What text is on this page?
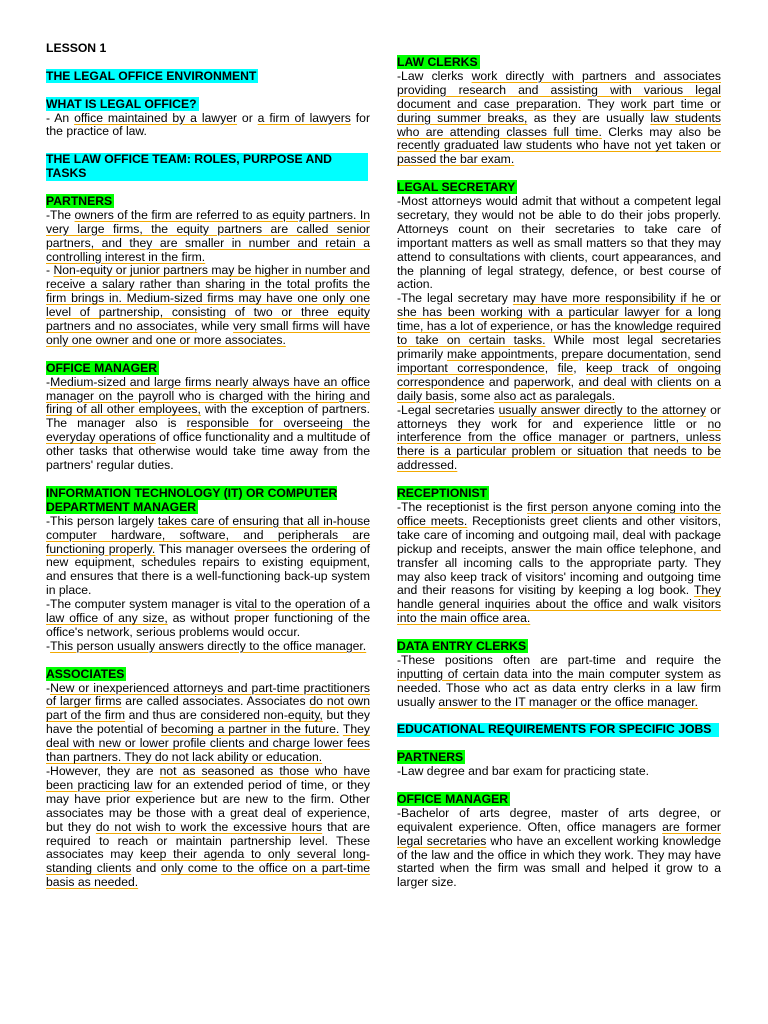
LESSON 1
THE LEGAL OFFICE ENVIRONMENT
WHAT IS LEGAL OFFICE?

- An office maintained by a lawyer or a firm of lawyers for the practice of law.

THE LAW OFFICE TEAM: ROLES, PURPOSE AND TASKS
PARTNERS

-The owners of the firm are referred to as equity partners. In very large firms, the equity partners are called senior partners, and they are smaller in number and retain a controlling interest in the firm.

- Non-equity or junior partners may be higher in number and receive a salary rather than sharing in the total profits the firm brings in. Medium-sized firms may have one only one level of partnership, consisting of two or three equity partners and no associates, while very small firms will have only one owner and one or more associates.

OFFICE MANAGER

-Medium-sized and large firms nearly always have an office manager on the payroll who is charged with the hiring and firing of all other employees, with the exception of partners. The manager also is responsible for overseeing the everyday operations of office functionality and a multitude of other tasks that otherwise would take time away from the partners' regular duties.

INFORMATION TECHNOLOGY (IT) OR COMPUTER DEPARTMENT MANAGER

-This person largely takes care of ensuring that all in-house computer hardware, software, and peripherals are functioning properly. This manager oversees the ordering of new equipment, schedules repairs to existing equipment, and ensures that there is a well-functioning back-up system in place.

-The computer system manager is vital to the operation of a law office of any size, as without proper functioning of the office's network, serious problems would occur.

-This person usually answers directly to the office manager.

ASSOCIATES

-New or inexperienced attorneys and part-time practitioners of larger firms are called associates. Associates do not own part of the firm and thus are considered non-equity, but they have the potential of becoming a partner in the future. They deal with new or lower profile clients and charge lower fees than partners. They do not lack ability or education.

-However, they are not as seasoned as those who have been practicing law for an extended period of time, or they may have prior experience but are new to the firm. Other associates may be those with a great deal of experience, but they do not wish to work the excessive hours that are required to reach or maintain partnership level. These associates may keep their agenda to only several long-standing clients and only come to the office on a part-time basis as needed.

LAW CLERKS

-Law clerks work directly with partners and associates providing research and assisting with various legal document and case preparation. They work part time or during summer breaks, as they are usually law students who are attending classes full time. Clerks may also be recently graduated law students who have not yet taken or passed the bar exam.

LEGAL SECRETARY

-Most attorneys would admit that without a competent legal secretary, they would not be able to do their jobs properly. Attorneys count on their secretaries to take care of important matters as well as small matters so that they may attend to consultations with clients, court appearances, and the planning of legal strategy, defence, or best course of action.

-The legal secretary may have more responsibility if he or she has been working with a particular lawyer for a long time, has a lot of experience, or has the knowledge required to take on certain tasks. While most legal secretaries primarily make appointments, prepare documentation, send important correspondence, file, keep track of ongoing correspondence and paperwork, and deal with clients on a daily basis, some also act as paralegals.

-Legal secretaries usually answer directly to the attorney or attorneys they work for and experience little or no interference from the office manager or partners, unless there is a particular problem or situation that needs to be addressed.

RECEPTIONIST

-The receptionist is the first person anyone coming into the office meets. Receptionists greet clients and other visitors, take care of incoming and outgoing mail, deal with package pickup and receipts, answer the main office telephone, and transfer all incoming calls to the appropriate party. They may also keep track of visitors' incoming and outgoing time and their reasons for visiting by keeping a log book. They handle general inquiries about the office and walk visitors into the main office area.

DATA ENTRY CLERKS

-These positions often are part-time and require the inputting of certain data into the main computer system as needed. Those who act as data entry clerks in a law firm usually answer to the IT manager or the office manager.

EDUCATIONAL REQUIREMENTS FOR SPECIFIC JOBS
PARTNERS

-Law degree and bar exam for practicing state.

OFFICE MANAGER

-Bachelor of arts degree, master of arts degree, or equivalent experience. Often, office managers are former legal secretaries who have an excellent working knowledge of the law and the office in which they work. They may have started when the firm was small and helped it grow to a larger size.
